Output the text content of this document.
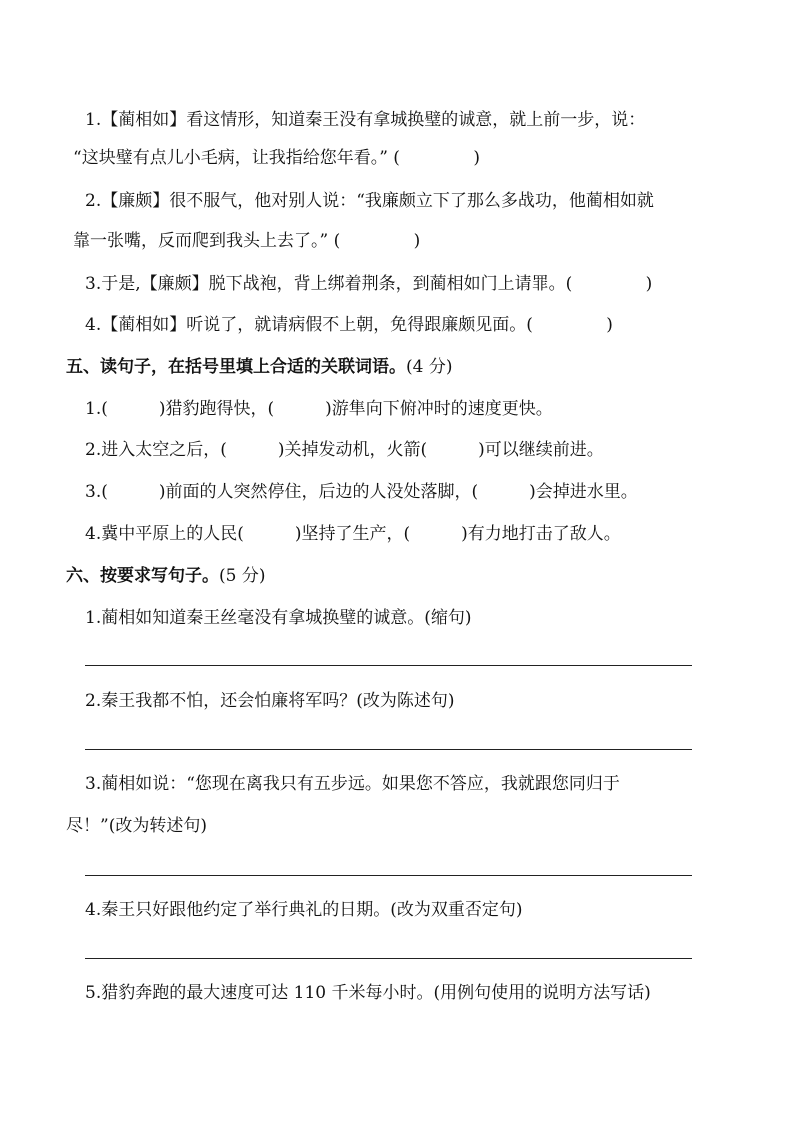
1.【蔺相如】看这情形，知道秦王没有拿城换璧的诚意，就上前一步，说：
“这块璧有点儿小毛病，让我指给您年看。” (　　　　 )
2.【廉颇】很不服气，他对别人说：“我廉颇立下了那么多战功，他蔺相如就
靠一张嘴，反而爬到我头上去了。” (　　　　 )
3.于是,【廉颇】脱下战袍，背上绑着荆条，到蔺相如门上请罪。(　　　　 )
4.【蔺相如】听说了，就请病假不上朝，免得跟廉颇见面。(　　　　 )
五、读句子，在括号里填上合适的关联词语。(4 分)
1.(　　　)猎豹跑得快，(　　　)游隼向下俯冲时的速度更快。
2.进入太空之后，(　　　)关掉发动机，火箭(　　　)可以继续前进。
3.(　　　)前面的人突然停住，后边的人没处落脚，(　　　)会掉进水里。
4.冀中平原上的人民(　　　)坚持了生产，(　　　)有力地打击了敌人。
六、按要求写句子。(5 分)
1.蔺相如知道秦王丝毫没有拿城换璧的诚意。(缩句)
2.秦王我都不怕，还会怕廉将军吗？(改为陈述句)
3.蔺相如说：“您现在离我只有五步远。如果您不答应，我就跟您同归于
尽！”(改为转述句)
4.秦王只好跟他约定了举行典礼的日期。(改为双重否定句)
5.猎豹奔跑的最大速度可达 110 千米每小时。(用例句使用的说明方法写话)
